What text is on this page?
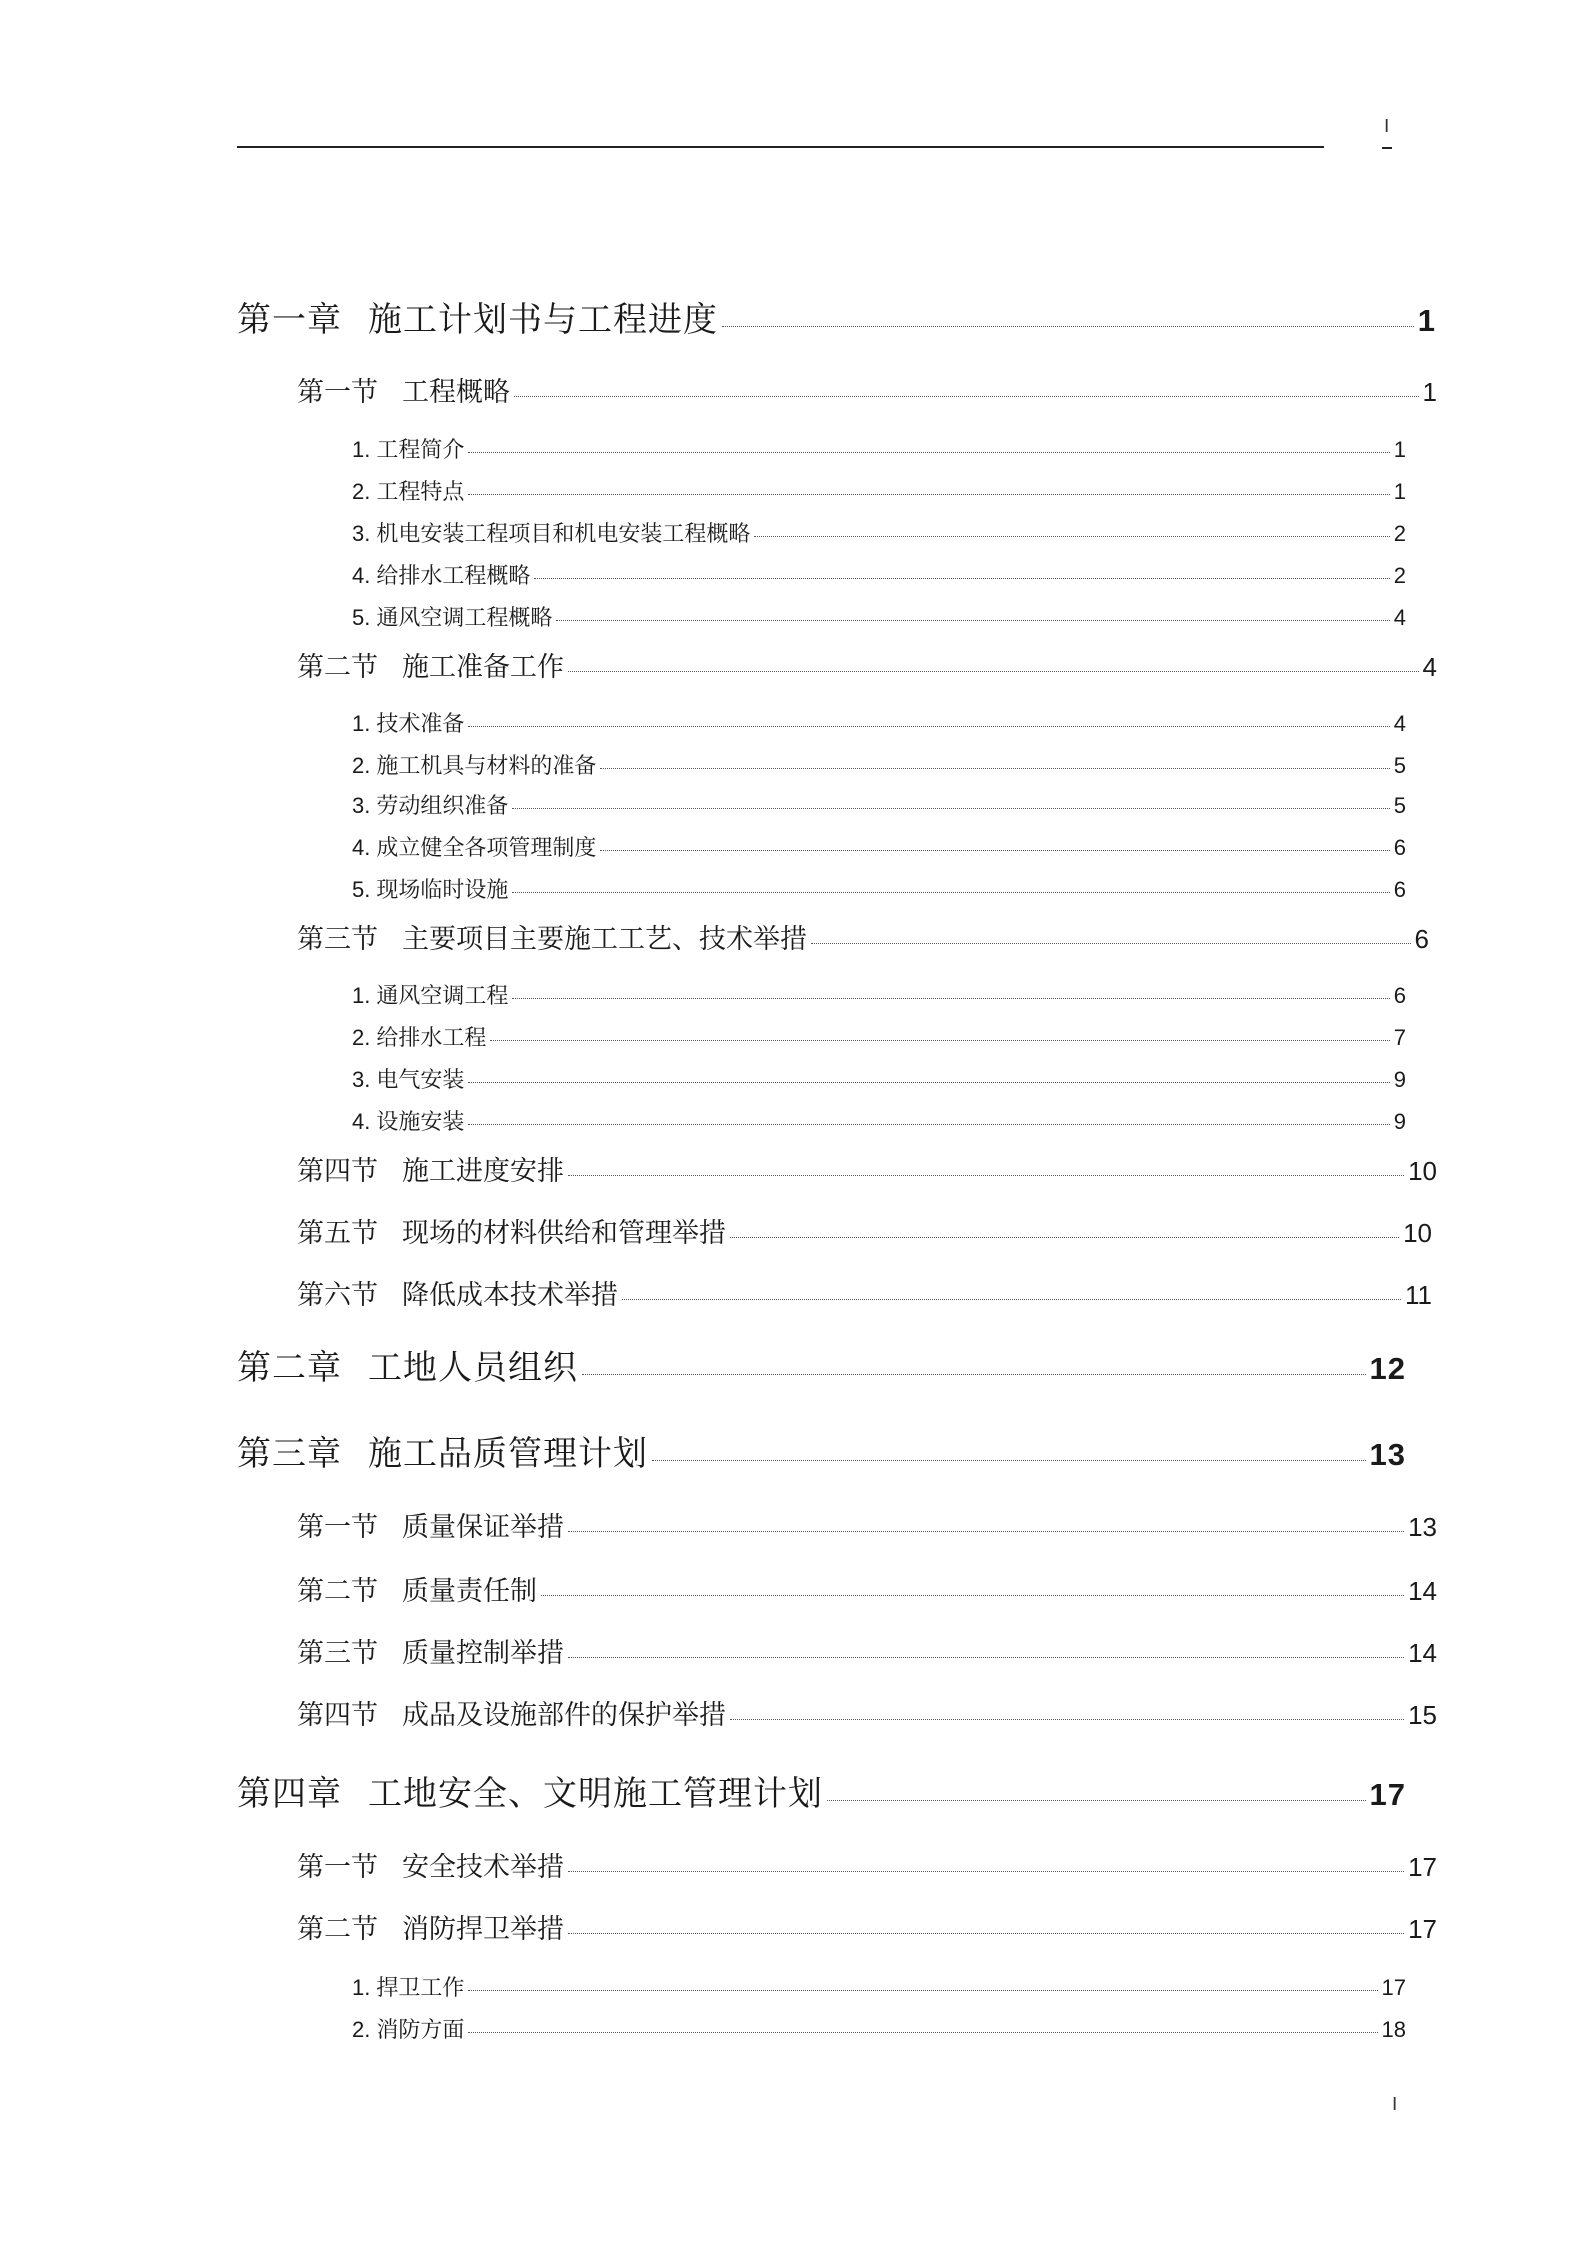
I
第一章 施工计划书与工程进度	1
第一节 工程概略	1
1. 工程简介	1
2. 工程特点	1
3. 机电安装工程项目和机电安装工程概略	2
4. 给排水工程概略	2
5. 通风空调工程概略	4
第二节 施工准备工作	4
1. 技术准备	4
2. 施工机具与材料的准备	5
3. 劳动组织准备	5
4. 成立健全各项管理制度	6
5. 现场临时设施	6
第三节 主要项目主要施工工艺、技术举措	6
1. 通风空调工程	6
2. 给排水工程	7
3. 电气安装	9
4. 设施安装	9
第四节 施工进度安排	10
第五节 现场的材料供给和管理举措	10
第六节 降低成本技术举措	11
第二章 工地人员组织	12
第三章 施工品质管理计划	13
第一节 质量保证举措	13
第二节 质量责任制	14
第三节 质量控制举措	14
第四节 成品及设施部件的保护举措	15
第四章 工地安全、文明施工管理计划	17
第一节 安全技术举措	17
第二节 消防捍卫举措	17
1. 捍卫工作	17
2. 消防方面	18
I
